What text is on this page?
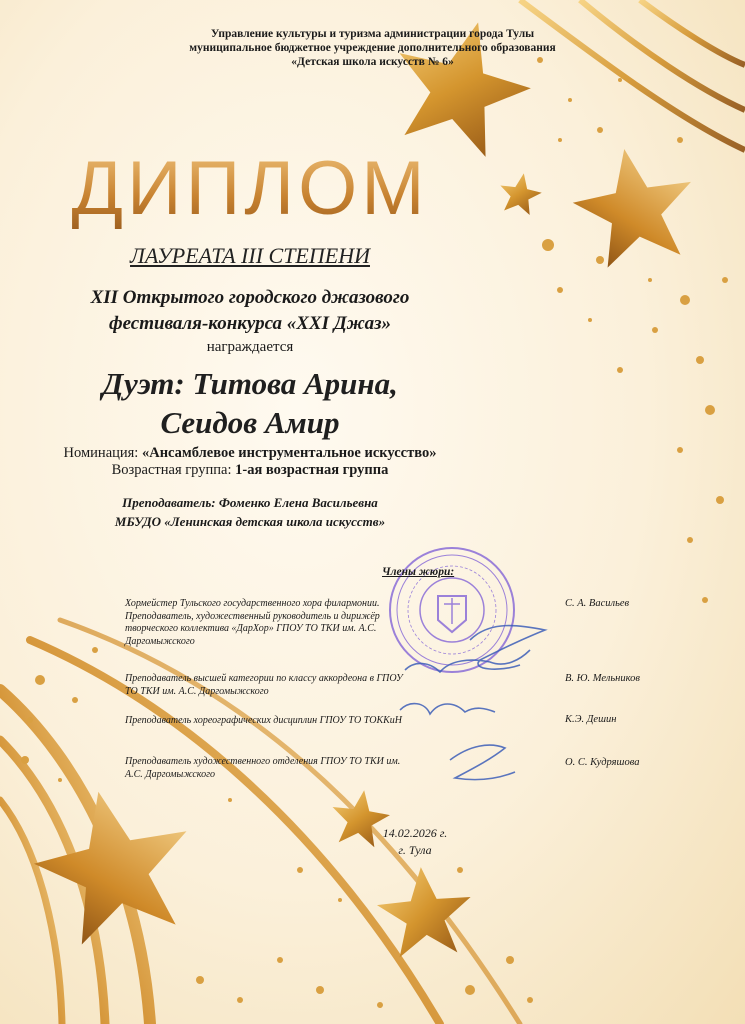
Управление культуры и туризма администрации города Тулы
муниципальное бюджетное учреждение дополнительного образования
«Детская школа искусств № 6»
ДИПЛОМ
ЛАУРЕАТА III СТЕПЕНИ
XII Открытого городского джазового
фестиваля-конкурса «XXI Джаз»
награждается
Дуэт: Титова Арина,
Сеидов Амир
Номинация: «Ансамблевое инструментальное искусство»
Возрастная группа: 1-ая возрастная группа
Преподаватель: Фоменко Елена Васильевна
МБУДО «Ленинская детская школа искусств»
Члены жюри:
Хормейстер Тульского государственного хора филармонии. Преподаватель, художественный руководитель и дирижёр творческого коллектива «ДарХор» ГПОУ ТО ТКИ им. А.С. Даргомыжского
С. А. Васильев
Преподаватель высшей категории по классу аккордеона в ГПОУ ТО ТКИ им. А.С. Даргомыжского
В. Ю. Мельников
Преподаватель хореографических дисциплин ГПОУ ТО ТОККиН	К.Э. Дешин
Преподаватель художественного отделения ГПОУ ТО ТКИ им. А.С. Даргомыжского
О. С. Кудряшова
14.02.2026 г.
г. Тула
